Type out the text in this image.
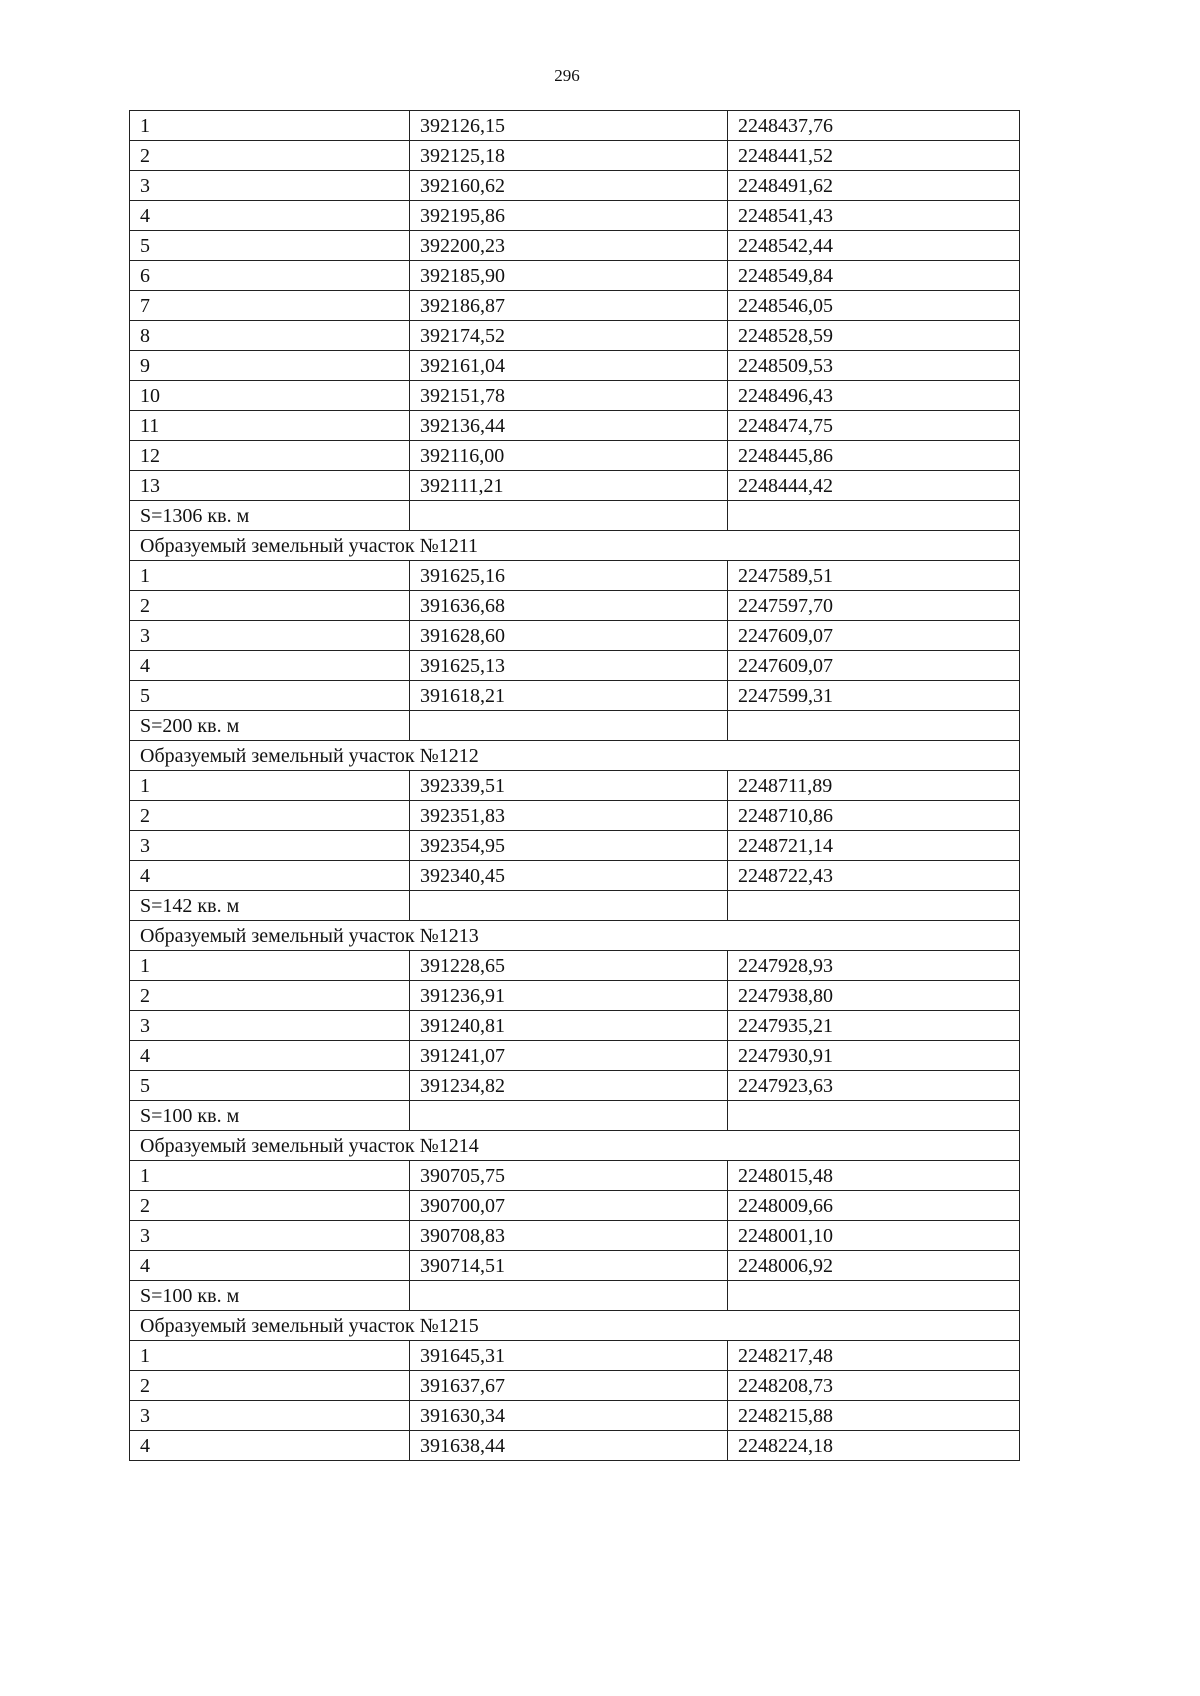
296
1	392126,15	2248437,76
2	392125,18	2248441,52
3	392160,62	2248491,62
4	392195,86	2248541,43
5	392200,23	2248542,44
6	392185,90	2248549,84
7	392186,87	2248546,05
8	392174,52	2248528,59
9	392161,04	2248509,53
10	392151,78	2248496,43
11	392136,44	2248474,75
12	392116,00	2248445,86
13	392111,21	2248444,42
S=1306 кв. м		
Образуемый земельный участок №1211		
1	391625,16	2247589,51
2	391636,68	2247597,70
3	391628,60	2247609,07
4	391625,13	2247609,07
5	391618,21	2247599,31
S=200 кв. м		
Образуемый земельный участок №1212		
1	392339,51	2248711,89
2	392351,83	2248710,86
3	392354,95	2248721,14
4	392340,45	2248722,43
S=142 кв. м		
Образуемый земельный участок №1213		
1	391228,65	2247928,93
2	391236,91	2247938,80
3	391240,81	2247935,21
4	391241,07	2247930,91
5	391234,82	2247923,63
S=100 кв. м		
Образуемый земельный участок №1214		
1	390705,75	2248015,48
2	390700,07	2248009,66
3	390708,83	2248001,10
4	390714,51	2248006,92
S=100 кв. м		
Образуемый земельный участок №1215		
1	391645,31	2248217,48
2	391637,67	2248208,73
3	391630,34	2248215,88
4	391638,44	2248224,18
